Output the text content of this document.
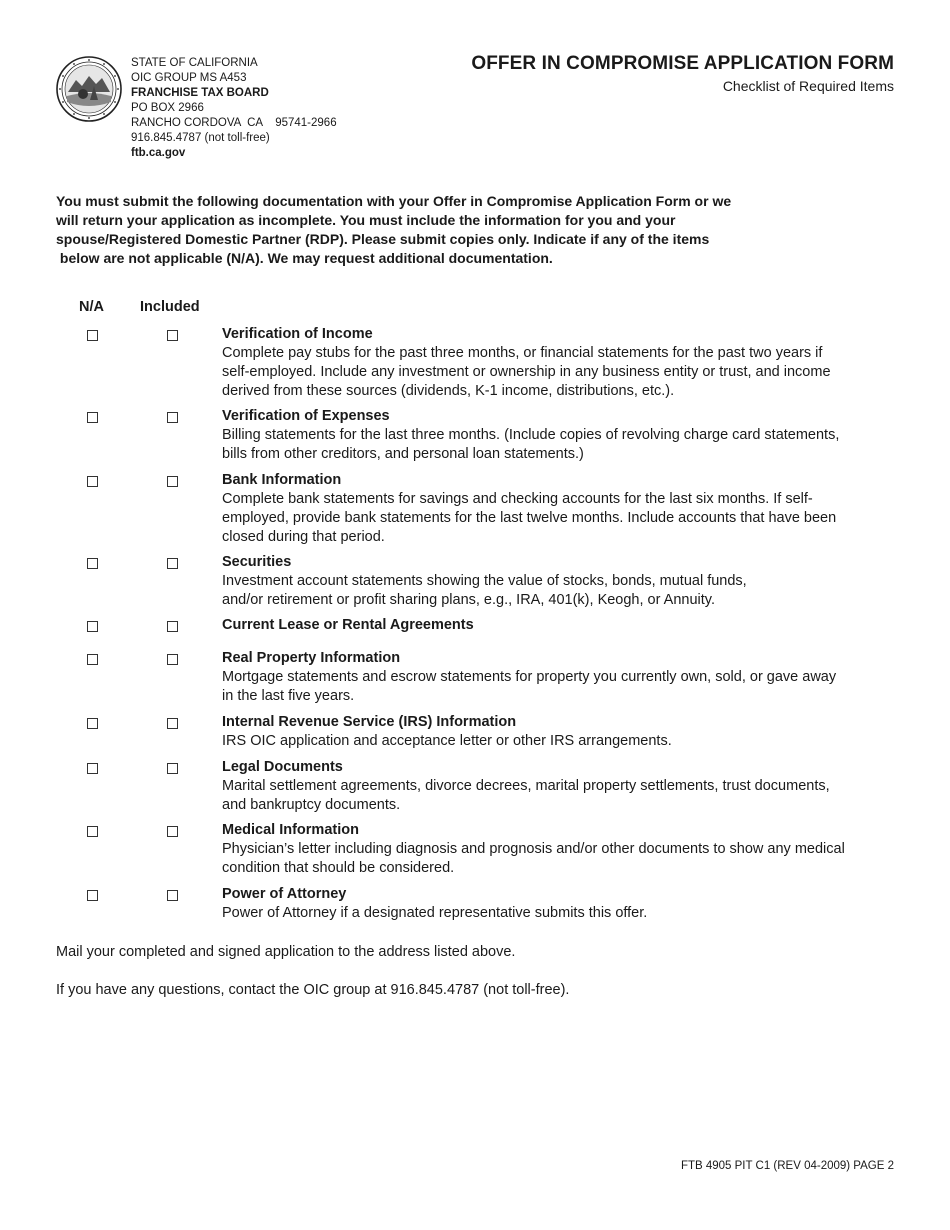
STATE OF CALIFORNIA
OIC GROUP MS A453
FRANCHISE TAX BOARD
PO BOX 2966
RANCHO CORDOVA  CA    95741-2966
916.845.4787 (not toll-free)
ftb.ca.gov
OFFER IN COMPROMISE APPLICATION FORM
Checklist of Required Items
You must submit the following documentation with your Offer in Compromise Application Form or we
will return your application as incomplete. You must include the information for you and your
spouse/Registered Domestic Partner (RDP). Please submit copies only. Indicate if any of the items
below are not applicable (N/A). We may request additional documentation.
N/A Included
Verification of Income
Complete pay stubs for the past three months, or financial statements for the past two years if
self-employed. Include any investment or ownership in any business entity or trust, and income
derived from these sources (dividends, K-1 income, distributions, etc.).
Verification of Expenses
Billing statements for the last three months. (Include copies of revolving charge card statements,
bills from other creditors, and personal loan statements.)
Bank Information
Complete bank statements for savings and checking accounts for the last six months. If self-
employed, provide bank statements for the last twelve months. Include accounts that have been
closed during that period.
Securities
Investment account statements showing the value of stocks, bonds, mutual funds,
and/or retirement or profit sharing plans, e.g., IRA, 401(k), Keogh, or Annuity.
Current Lease or Rental Agreements
Real Property Information
Mortgage statements and escrow statements for property you currently own, sold, or gave away
in the last five years.
Internal Revenue Service (IRS) Information
IRS OIC application and acceptance letter or other IRS arrangements.
Legal Documents
Marital settlement agreements, divorce decrees, marital property settlements, trust documents,
and bankruptcy documents.
Medical Information
Physician’s letter including diagnosis and prognosis and/or other documents to show any medical
condition that should be considered.
Power of Attorney
Power of Attorney if a designated representative submits this offer.
Mail your completed and signed application to the address listed above.
If you have any questions, contact the OIC group at 916.845.4787 (not toll-free).
FTB 4905 PIT C1 (REV 04-2009) PAGE 2
